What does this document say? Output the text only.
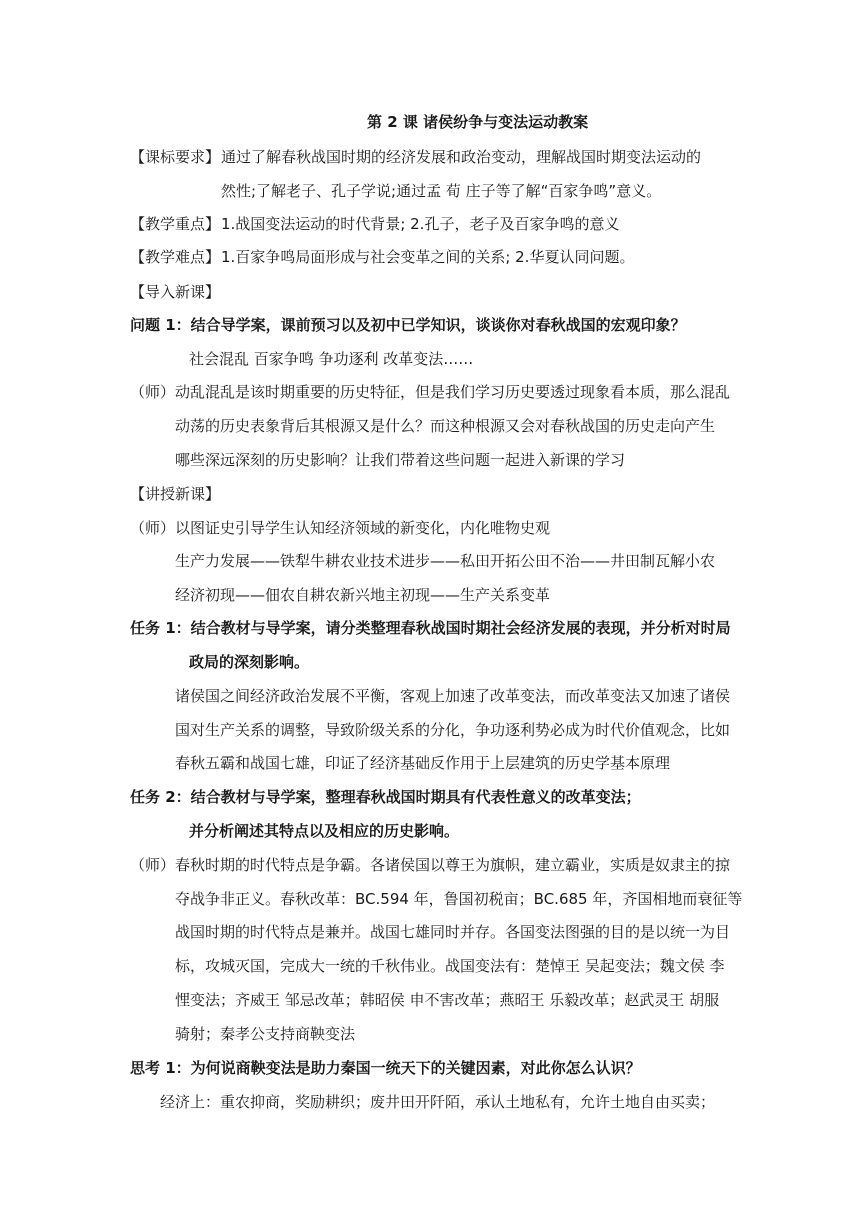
第 2 课 诸侯纷争与变法运动教案
【课标要求】 通过了解春秋战国时期的经济发展和政治变动，理解战国时期变法运动的
然性;了解老子、孔子学说;通过孟 荀 庄子等了解“百家争鸣”意义。
【教学重点】 1.战国变法运动的时代背景; 2.孔子，老子及百家争鸣的意义
【教学难点】 1.百家争鸣局面形成与社会变革之间的关系; 2.华夏认同问题。
【导入新课】
问题 1：结合导学案，课前预习以及初中已学知识，谈谈你对春秋战国的宏观印象？
社会混乱 百家争鸣 争功逐利 改革变法……
（师）动乱混乱是该时期重要的历史特征，但是我们学习历史要透过现象看本质，那么混乱
动荡的历史表象背后其根源又是什么？而这种根源又会对春秋战国的历史走向产生
哪些深远深刻的历史影响？让我们带着这些问题一起进入新课的学习
【讲授新课】
（师）以图证史引导学生认知经济领域的新变化，内化唯物史观
生产力发展——铁犁牛耕农业技术进步——私田开拓公田不治——井田制瓦解小农
经济初现——佃农自耕农新兴地主初现——生产关系变革
任务 1：结合教材与导学案，请分类整理春秋战国时期社会经济发展的表现，并分析对时局
政局的深刻影响。
诸侯国之间经济政治发展不平衡，客观上加速了改革变法，而改革变法又加速了诸侯
国对生产关系的调整，导致阶级关系的分化，争功逐利势必成为时代价值观念，比如
春秋五霸和战国七雄，印证了经济基础反作用于上层建筑的历史学基本原理
任务 2：结合教材与导学案，整理春秋战国时期具有代表性意义的改革变法；
并分析阐述其特点以及相应的历史影响。
（师）春秋时期的时代特点是争霸。各诸侯国以尊王为旗帜，建立霸业，实质是奴隶主的掠
夺战争非正义。春秋改革：BC.594 年，鲁国初税亩；BC.685 年，齐国相地而衰征等
战国时期的时代特点是兼并。战国七雄同时并存。各国变法图强的目的是以统一为目
标，攻城灭国，完成大一统的千秋伟业。战国变法有：楚悼王 吴起变法；魏文侯 李
悝变法；齐威王 邹忌改革；韩昭侯 申不害改革；燕昭王 乐毅改革；赵武灵王 胡服
骑射；秦孝公支持商鞅变法
思考 1：为何说商鞅变法是助力秦国一统天下的关键因素，对此你怎么认识？
经济上：重农抑商，奖励耕织；废井田开阡陌，承认土地私有，允许土地自由买卖；
